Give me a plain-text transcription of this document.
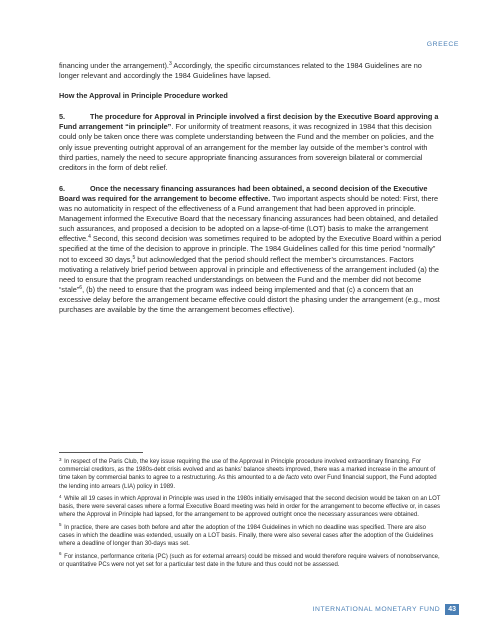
GREECE

financing under the arrangement).$^3$ Accordingly, the specific circumstances related to the 1984 Guidelines are no longer relevant and accordingly the 1984 Guidelines have lapsed.

How the Approval in Principle Procedure worked

5.	The procedure for Approval in Principle involved a first decision by the Executive Board approving a Fund arrangement “in principle”. For uniformity of treatment reasons, it was recognized in 1984 that this decision could only be taken once there was complete understanding between the Fund and the member on policies, and the only issue preventing outright approval of an arrangement for the member lay outside of the member’s control with third parties, namely the need to secure appropriate financing assurances from sovereign bilateral or commercial creditors in the form of debt relief.

6.	Once the necessary financing assurances had been obtained, a second decision of the Executive Board was required for the arrangement to become effective. Two important aspects should be noted: First, there was no automaticity in respect of the effectiveness of a Fund arrangement that had been approved in principle. Management informed the Executive Board that the necessary financing assurances had been obtained, and detailed such assurances, and proposed a decision to be adopted on a lapse-of-time (LOT) basis to make the arrangement effective.$^4$ Second, this second decision was sometimes required to be adopted by the Executive Board within a period specified at the time of the decision to approve in principle. The 1984 Guidelines called for this time period “normally” not to exceed 30 days,$^5$ but acknowledged that the period should reflect the member’s circumstances. Factors motivating a relatively brief period between approval in principle and effectiveness of the arrangement included (a) the need to ensure that the program reached understandings on between the Fund and the member did not become “stale”$^6$, (b) the need to ensure that the program was indeed being implemented and that (c) a concern that an excessive delay before the arrangement became effective could distort the phasing under the arrangement (e.g., most purchases are available by the time the arrangement becomes effective).

$^3$ In respect of the Paris Club, the key issue requiring the use of the Approval in Principle procedure involved extraordinary financing. For commercial creditors, as the 1980s-debt crisis evolved and as banks’ balance sheets improved, there was a marked increase in the amount of time taken by commercial banks to agree to a restructuring. As this amounted to a de facto veto over Fund financial support, the Fund adopted the lending into arrears (LIA) policy in 1989.

$^4$ While all 19 cases in which Approval in Principle was used in the 1980s initially envisaged that the second decision would be taken on an LOT basis, there were several cases where a formal Executive Board meeting was held in order for the arrangement to become effective or, in cases where the Approval in Principle had lapsed, for the arrangement to be approved outright once the necessary assurances were obtained.

$^5$ In practice, there are cases both before and after the adoption of the 1984 Guidelines in which no deadline was specified. There are also cases in which the deadline was extended, usually on a LOT basis. Finally, there were also several cases after the adoption of the Guidelines where a deadline of longer than 30-days was set.

$^6$ For instance, performance criteria (PC) (such as for external arrears) could be missed and would therefore require waivers of nonobservance, or quantitative PCs were not yet set for a particular test date in the future and thus could not be assessed.

INTERNATIONAL MONETARY FUND	43
